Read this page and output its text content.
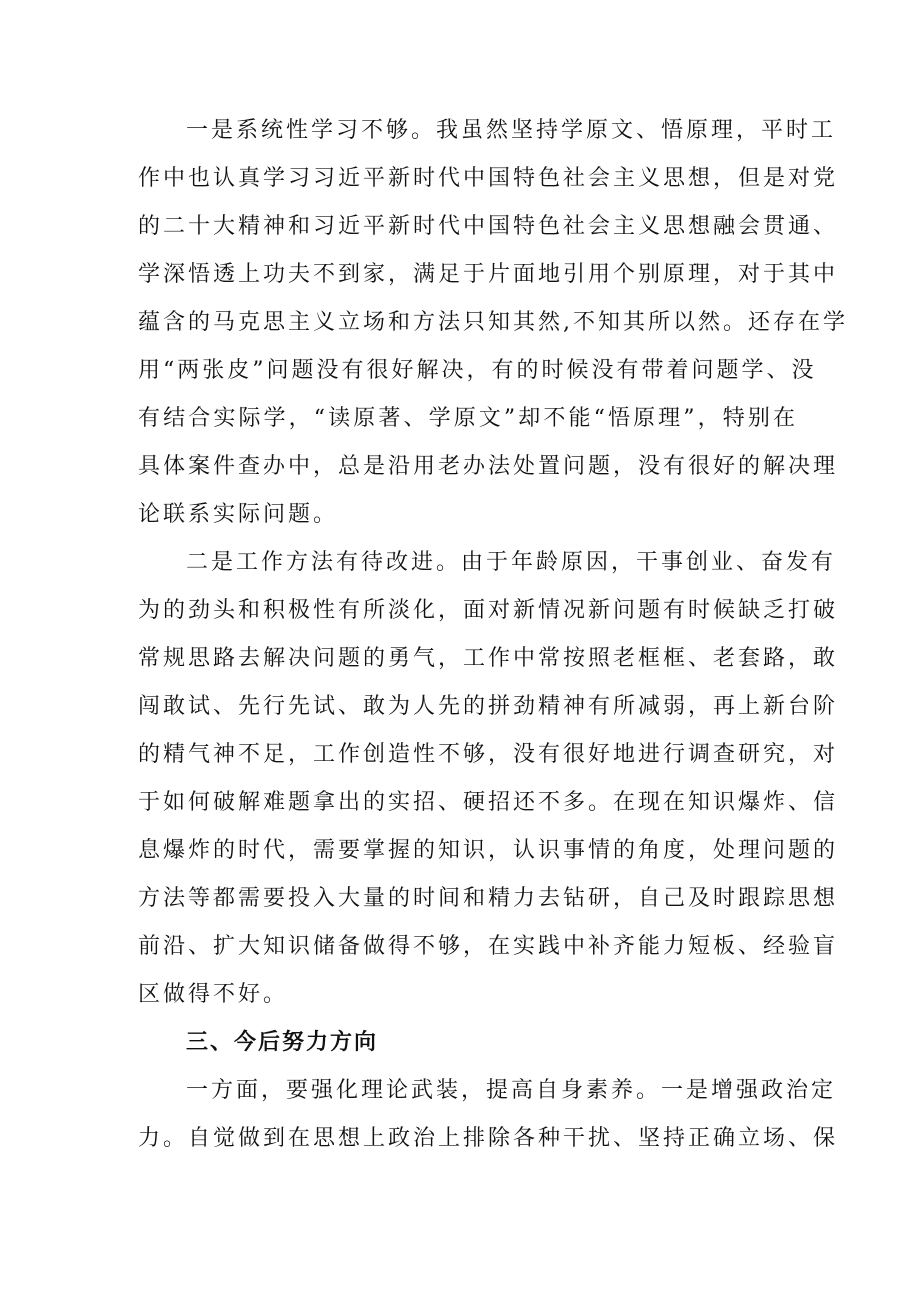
一是系统性学习不够。我虽然坚持学原文、悟原理，平时工
作中也认真学习习近平新时代中国特色社会主义思想，但是对党
的二十大精神和习近平新时代中国特色社会主义思想融会贯通、
学深悟透上功夫不到家，满足于片面地引用个别原理，对于其中
蕴含的马克思主义立场和方法只知其然,不知其所以然。还存在学
用“两张皮”问题没有很好解决，有的时候没有带着问题学、没
有结合实际学，“读原著、学原文”却不能“悟原理”，特别在
具体案件查办中，总是沿用老办法处置问题，没有很好的解决理
论联系实际问题。
二是工作方法有待改进。由于年龄原因，干事创业、奋发有
为的劲头和积极性有所淡化，面对新情况新问题有时候缺乏打破
常规思路去解决问题的勇气，工作中常按照老框框、老套路，敢
闯敢试、先行先试、敢为人先的拼劲精神有所减弱，再上新台阶
的精气神不足，工作创造性不够，没有很好地进行调查研究，对
于如何破解难题拿出的实招、硬招还不多。在现在知识爆炸、信
息爆炸的时代，需要掌握的知识，认识事情的角度，处理问题的
方法等都需要投入大量的时间和精力去钻研，自己及时跟踪思想
前沿、扩大知识储备做得不够，在实践中补齐能力短板、经验盲
区做得不好。
三、今后努力方向
一方面，要强化理论武装，提高自身素养。一是增强政治定
力。自觉做到在思想上政治上排除各种干扰、坚持正确立场、保
